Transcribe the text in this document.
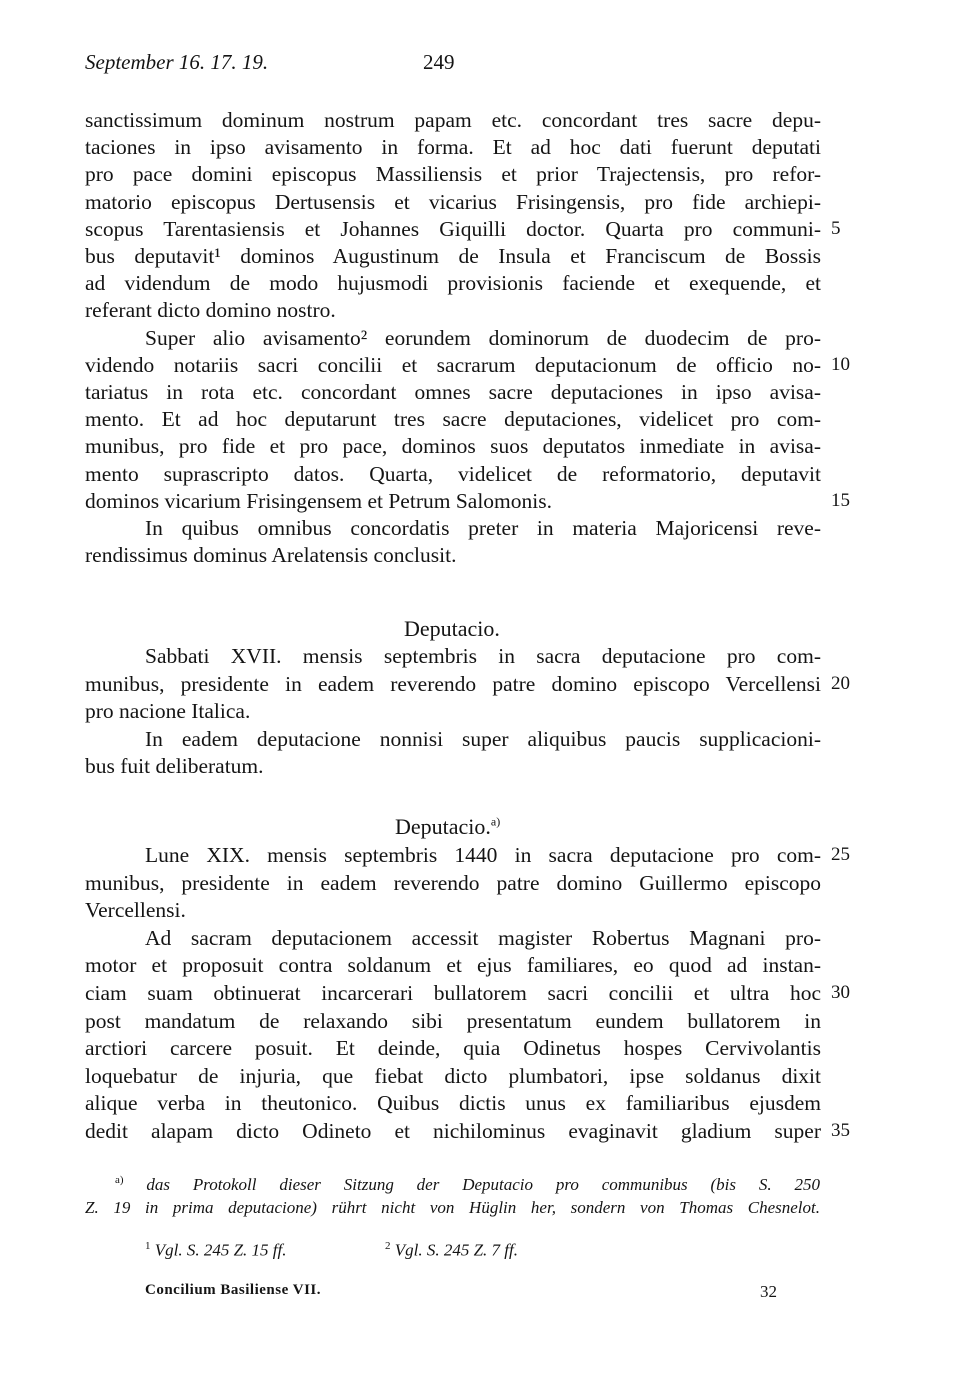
September 16. 17. 19.	249
sanctissimum dominum nostrum papam etc. concordant tres sacre depu-
taciones in ipso avisamento in forma. Et ad hoc dati fuerunt deputati
pro pace domini episcopus Massiliensis et prior Trajectensis, pro refor-
matorio episcopus Dertusensis et vicarius Frisingensis, pro fide archiepi-
scopus Tarentasiensis et Johannes Giquilli doctor. Quarta pro communi- 5
bus deputavit¹ dominos Augustinum de Insula et Franciscum de Bossis
ad videndum de modo hujusmodi provisionis faciende et exequende, et
referant dicto domino nostro.
Super alio avisamento² eorundem dominorum de duodecim de pro-
videndo notariis sacri concilii et sacrarum deputacionum de officio no- 10
tariatus in rota etc. concordant omnes sacre deputaciones in ipso avisa-
mento. Et ad hoc deputarunt tres sacre deputaciones, videlicet pro com-
munibus, pro fide et pro pace, dominos suos deputatos inmediate in avisa-
mento suprascripto datos. Quarta, videlicet de reformatorio, deputavit
dominos vicarium Frisingensem et Petrum Salomonis.	15
In quibus omnibus concordatis preter in materia Majoricensi reve-
rendissimus dominus Arelatensis conclusit.
Deputacio.
Sabbati XVII. mensis septembris in sacra deputacione pro com-
munibus, presidente in eadem reverendo patre domino episcopo Vercellensi 20
pro nacione Italica.
In eadem deputacione nonnisi super aliquibus paucis supplicacioni-
bus fuit deliberatum.
Deputacio.$^{a)}$
Lune XIX. mensis septembris 1440 in sacra deputacione pro com- 25
munibus, presidente in eadem reverendo patre domino Guillermo episcopo
Vercellensi.
Ad sacram deputacionem accessit magister Robertus Magnani pro-
motor et proposuit contra soldanum et ejus familiares, eo quod ad instan-
ciam suam obtinuerat incarcerari bullatorem sacri concilii et ultra hoc 30
post mandatum de relaxando sibi presentatum eundem bullatorem in
arctiori carcere posuit. Et deinde, quia Odinetus hospes Cervivolantis
loquebatur de injuria, que fiebat dicto plumbatori, ipse soldanus dixit
alique verba in theutonico. Quibus dictis unus ex familiaribus ejusdem
dedit alapam dicto Odineto et nichilominus evaginavit gladium super 35
$^{a)}$ das Protokoll dieser Sitzung der Deputacio pro communibus (bis S. 250
Z. 19 in prima deputacione) rührt nicht von Hüglin her, sondern von Thomas Chesnelot.
$^1$ Vgl. S. 245 Z. 15 ff.	$^2$ Vgl. S. 245 Z. 7 ff.
Concilium Basiliense VII.	32
